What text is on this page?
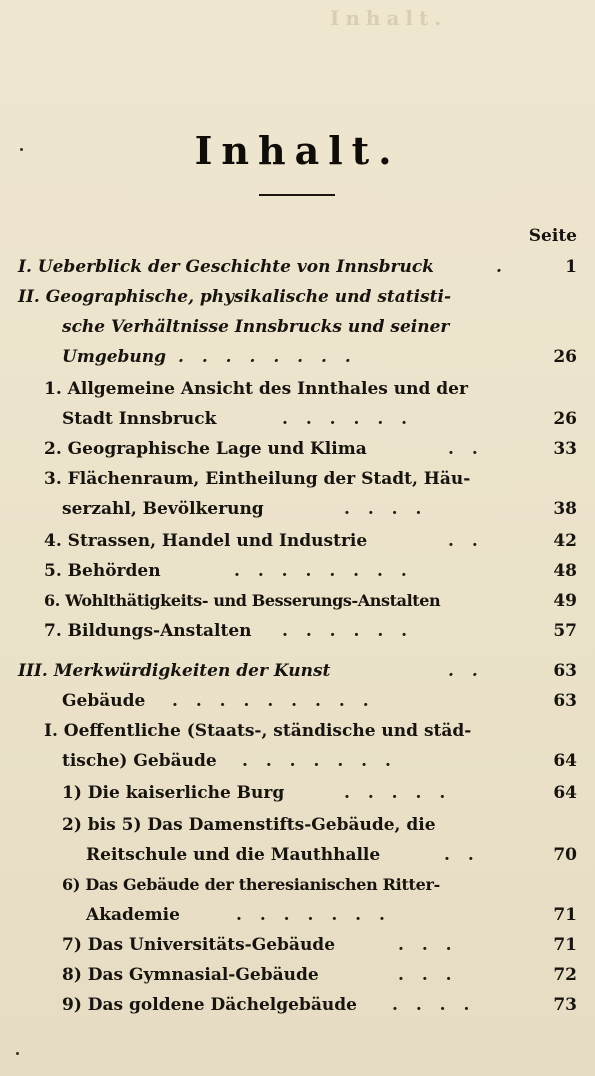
Inhalt.
Inhalt.
Seite
I. Ueberblick der Geschichte von Innsbruck	.	1
II. Geographische, physikalische und statisti-
sche Verhältnisse Innsbrucks und seiner
Umgebung . . . . . . . .	26
1. Allgemeine Ansicht des Innthales und der
Stadt Innsbruck	. . . . . .	26
2. Geographische Lage und Klima	. .	33
3. Flächenraum, Eintheilung der Stadt, Häu-
serzahl, Bevölkerung	. . . .	38
4. Strassen, Handel und Industrie	. .	42
5. Behörden	. . . . . . . .	48
6. Wohlthätigkeits- und Besserungs-Anstalten	49
7. Bildungs-Anstalten . . . . . .	57
III. Merkwürdigkeiten der Kunst	. .	63
Gebäude . . . . . . . . .	63
I. Oeffentliche (Staats-, ständische und städ-
tische) Gebäude . . . . . . .	64
1) Die kaiserliche Burg	. . . . .	64
2) bis 5) Das Damenstifts-Gebäude, die
Reitschule und die Mauthhalle	. .	70
6) Das Gebäude der theresianischen Ritter-
Akademie	. . . . . . .	71
7) Das Universitäts-Gebäude	. . .	71
8) Das Gymnasial-Gebäude	. . .	72
9) Das goldene Dächelgebäude . . . .	73
